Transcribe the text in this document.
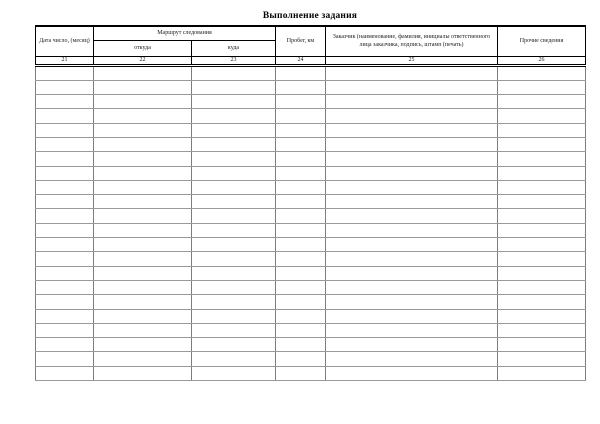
Выполнение задания
Дата число, (месяц)	Маршрут следования		Пробег, км	Заказчик (наименование, фамилия, инициалы ответственного лица заказчика, подпись, штамп (печать)	Прочие сведения
	откуда	куда			
21	22	23	24	25	26
